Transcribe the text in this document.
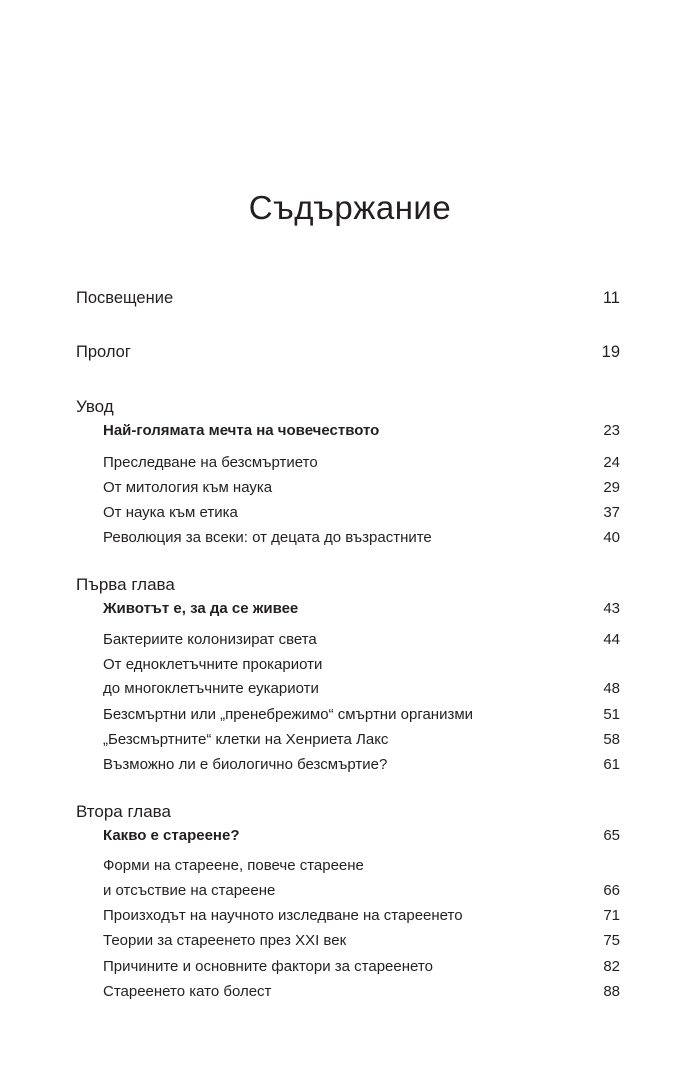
Съдържание
Посвещение	11
Пролог	19
Увод
Най-голямата мечта на човечеството	23
Преследване на безсмъртието	24
От митология към наука	29
От наука към етика	37
Революция за всеки: от децата до възрастните	40
Първа глава
Животът е, за да се живее	43
Бактериите колонизират света	44
От едноклетъчните прокариоти
до многоклетъчните еукариоти	48
Безсмъртни или „пренебрежимо“ смъртни организми	51
„Безсмъртните“ клетки на Хенриета Лакс	58
Възможно ли е биологично безсмъртие?	61
Втора глава
Какво е стареене?	65
Форми на стареене, повече стареене
и отсъствие на стареене	66
Произходът на научното изследване на стареенето	71
Теории за стареенето през XXI век	75
Причините и основните фактори за стареенето	82
Стареенето като болест	88
